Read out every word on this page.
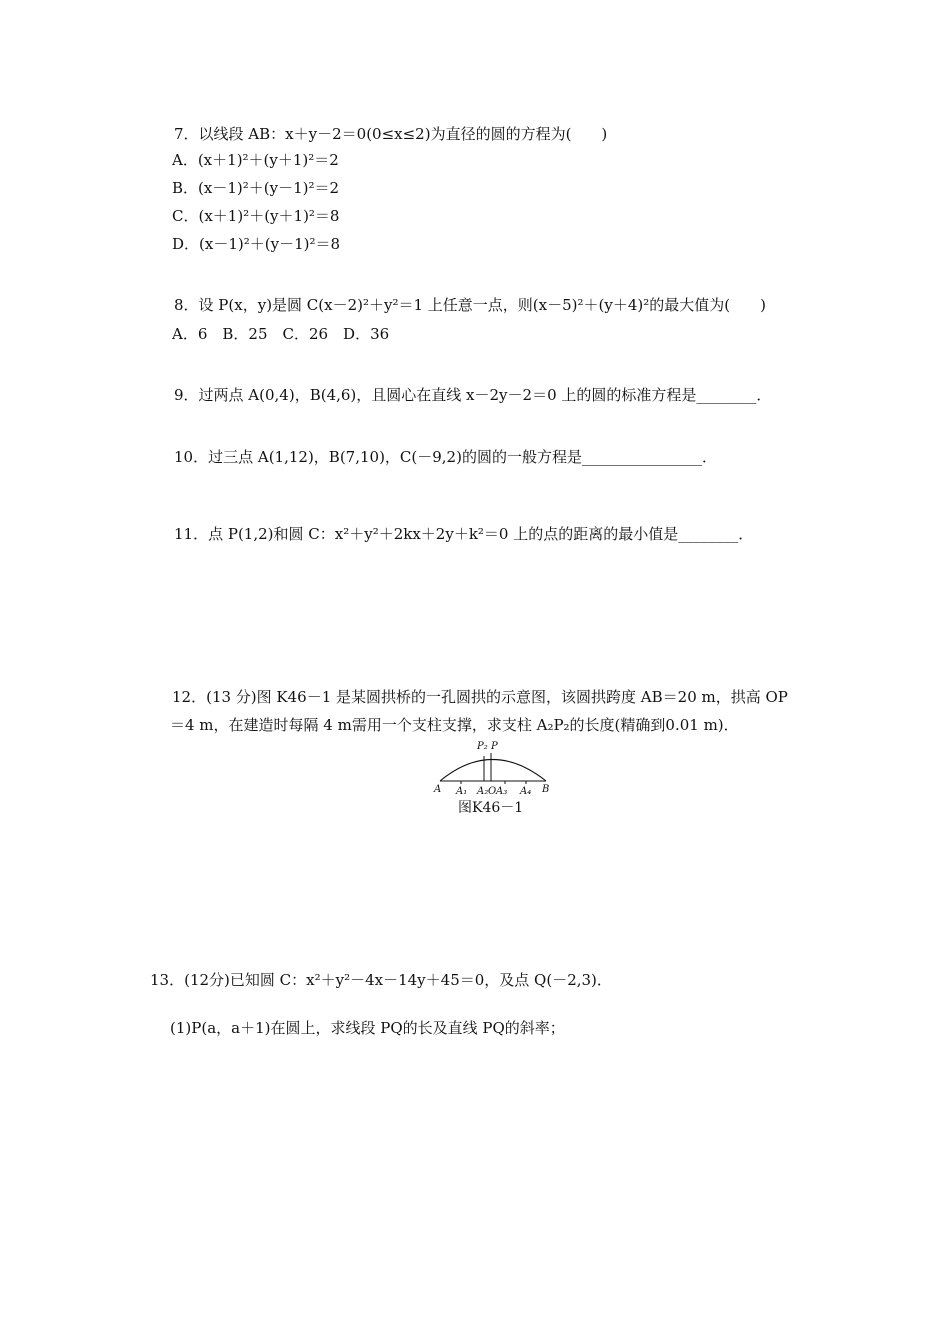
7．以线段 AB：x＋y－2＝0(0≤x≤2)为直径的圆的方程为(　　)
A．(x＋1)²＋(y＋1)²＝2
B．(x－1)²＋(y－1)²＝2
C．(x＋1)²＋(y＋1)²＝8
D．(x－1)²＋(y－1)²＝8
8．设 P(x，y)是圆 C(x－2)²＋y²＝1 上任意一点，则(x－5)²＋(y＋4)²的最大值为(　　)
A．6　B．25　C．26　D．36
9．过两点 A(0,4)，B(4,6)，且圆心在直线 x－2y－2＝0 上的圆的标准方程是________．
10．过三点 A(1,12)，B(7,10)，C(－9,2)的圆的一般方程是________________．
11．点 P(1,2)和圆 C：x²＋y²＋2kx＋2y＋k²＝0 上的点的距离的最小值是________．
12．(13 分)图 K46－1 是某圆拱桥的一孔圆拱的示意图，该圆拱跨度 AB＝20 m，拱高 OP
＝4 m，在建造时每隔 4 m需用一个支柱支撑，求支柱 A₂P₂的长度(精确到0.01 m)．
P₂ P
A A₁ A₂ O A₃ A₄ B
图K46－1
13．(12分)已知圆 C：x²＋y²－4x－14y＋45＝0，及点 Q(－2,3)．
(1)P(a，a＋1)在圆上，求线段 PQ的长及直线 PQ的斜率；
